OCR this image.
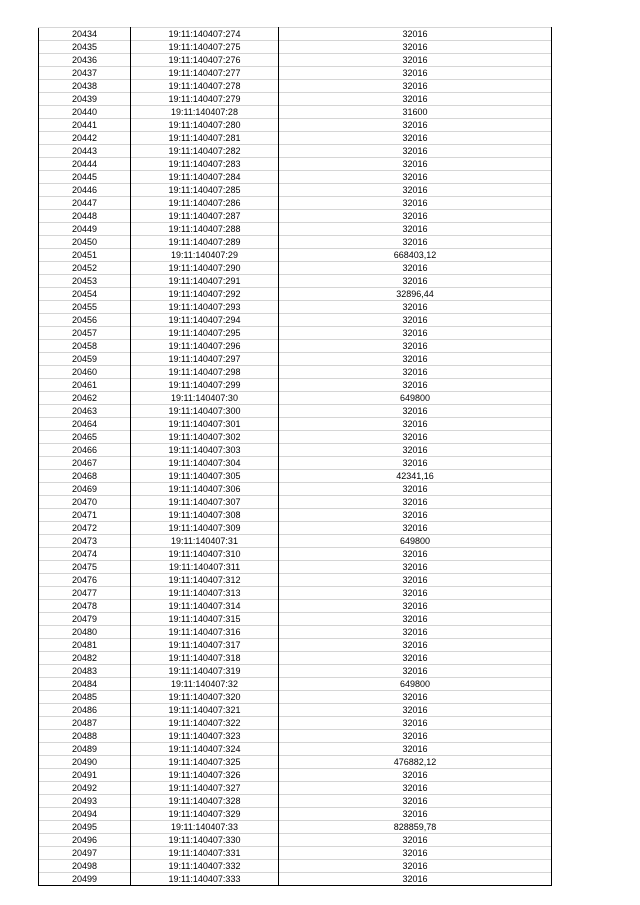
20434	19:11:140407:274	32016
20435	19:11:140407:275	32016
20436	19:11:140407:276	32016
20437	19:11:140407:277	32016
20438	19:11:140407:278	32016
20439	19:11:140407:279	32016
20440	19:11:140407:28	31600
20441	19:11:140407:280	32016
20442	19:11:140407:281	32016
20443	19:11:140407:282	32016
20444	19:11:140407:283	32016
20445	19:11:140407:284	32016
20446	19:11:140407:285	32016
20447	19:11:140407:286	32016
20448	19:11:140407:287	32016
20449	19:11:140407:288	32016
20450	19:11:140407:289	32016
20451	19:11:140407:29	668403,12
20452	19:11:140407:290	32016
20453	19:11:140407:291	32016
20454	19:11:140407:292	32896,44
20455	19:11:140407:293	32016
20456	19:11:140407:294	32016
20457	19:11:140407:295	32016
20458	19:11:140407:296	32016
20459	19:11:140407:297	32016
20460	19:11:140407:298	32016
20461	19:11:140407:299	32016
20462	19:11:140407:30	649800
20463	19:11:140407:300	32016
20464	19:11:140407:301	32016
20465	19:11:140407:302	32016
20466	19:11:140407:303	32016
20467	19:11:140407:304	32016
20468	19:11:140407:305	42341,16
20469	19:11:140407:306	32016
20470	19:11:140407:307	32016
20471	19:11:140407:308	32016
20472	19:11:140407:309	32016
20473	19:11:140407:31	649800
20474	19:11:140407:310	32016
20475	19:11:140407:311	32016
20476	19:11:140407:312	32016
20477	19:11:140407:313	32016
20478	19:11:140407:314	32016
20479	19:11:140407:315	32016
20480	19:11:140407:316	32016
20481	19:11:140407:317	32016
20482	19:11:140407:318	32016
20483	19:11:140407:319	32016
20484	19:11:140407:32	649800
20485	19:11:140407:320	32016
20486	19:11:140407:321	32016
20487	19:11:140407:322	32016
20488	19:11:140407:323	32016
20489	19:11:140407:324	32016
20490	19:11:140407:325	476882,12
20491	19:11:140407:326	32016
20492	19:11:140407:327	32016
20493	19:11:140407:328	32016
20494	19:11:140407:329	32016
20495	19:11:140407:33	828859,78
20496	19:11:140407:330	32016
20497	19:11:140407:331	32016
20498	19:11:140407:332	32016
20499	19:11:140407:333	32016
